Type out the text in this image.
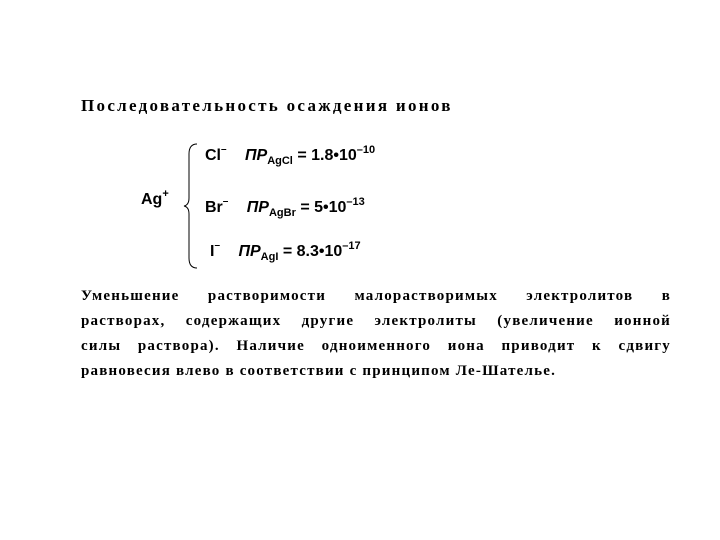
Последовательность осаждения ионов
Ag+
Cl– $ПР_{AgCl}$ = $1.8•10^{-10}$
Br– $ПР_{AgBr}$ = $5•10^{-13}$
I– $ПР_{AgI}$ = $8.3•10^{-17}$
Уменьшение растворимости малорастворимых электролитов в
растворах, содержащих другие электролиты (увеличение ионной
силы раствора). Наличие одноименного иона приводит к сдвигу
равновесия влево в соответствии с принципом Ле-Шателье.
